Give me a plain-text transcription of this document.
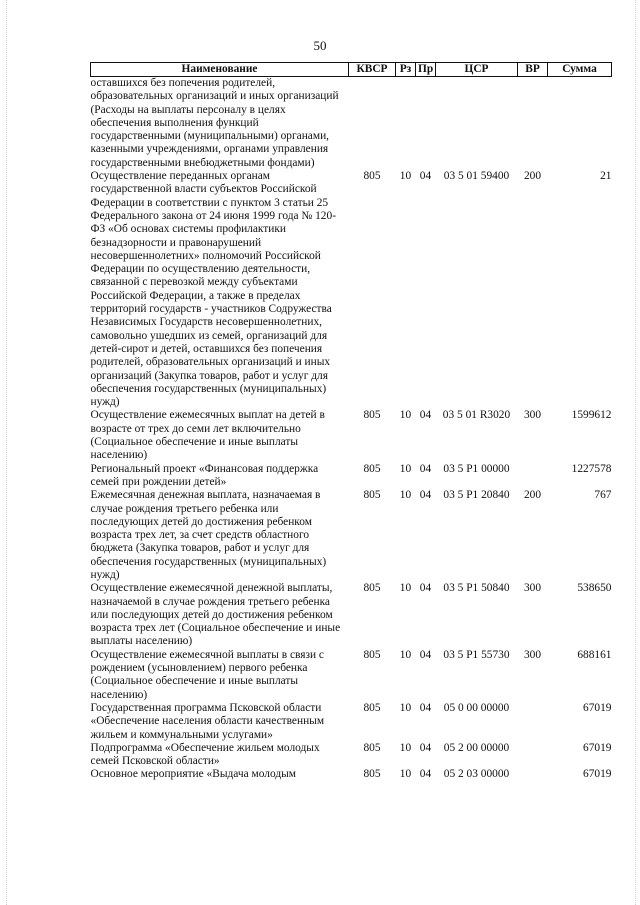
50
Наименование	КВСР	Рз	Пр	ЦСР	ВР	Сумма
оставшихся без попечения родителей, образовательных организаций и иных организаций (Расходы на выплаты персоналу в целях обеспечения выполнения функций государственными (муниципальными) органами, казенными учреждениями, органами управления государственными внебюджетными фондами)						
Осуществление переданных органам государственной власти субъектов Российской Федерации в соответствии с пунктом 3 статьи 25 Федерального закона от 24 июня 1999 года № 120-ФЗ «Об основах системы профилактики безнадзорности и правонарушений несовершеннолетних» полномочий Российской Федерации по осуществлению деятельности, связанной с перевозкой между субъектами Российской Федерации, а также в пределах территорий государств - участников Содружества Независимых Государств несовершеннолетних, самовольно ушедших из семей, организаций для детей-сирот и детей, оставшихся без попечения родителей, образовательных организаций и иных организаций (Закупка товаров, работ и услуг для обеспечения государственных (муниципальных) нужд)	805	10	04	03 5 01 59400	200	21
Осуществление ежемесячных выплат на детей в возрасте от трех до семи лет включительно (Социальное обеспечение и иные выплаты населению)	805	10	04	03 5 01 R3020	300	1599612
Региональный проект «Финансовая поддержка семей при рождении детей»	805	10	04	03 5 P1 00000		1227578
Ежемесячная денежная выплата, назначаемая в случае рождения третьего ребенка или последующих детей до достижения ребенком возраста трех лет, за счет средств областного бюджета (Закупка товаров, работ и услуг для обеспечения государственных (муниципальных) нужд)	805	10	04	03 5 P1 20840	200	767
Осуществление ежемесячной денежной выплаты, назначаемой в случае рождения третьего ребенка или последующих детей до достижения ребенком возраста трех лет (Социальное обеспечение и иные выплаты населению)	805	10	04	03 5 P1 50840	300	538650
Осуществление ежемесячной выплаты в связи с рождением (усыновлением) первого ребенка (Социальное обеспечение и иные выплаты населению)	805	10	04	03 5 P1 55730	300	688161
Государственная программа Псковской области «Обеспечение населения области качественным жильем и коммунальными услугами»	805	10	04	05 0 00 00000		67019
Подпрограмма «Обеспечение жильем молодых семей Псковской области»	805	10	04	05 2 00 00000		67019
Основное мероприятие «Выдача молодым	805	10	04	05 2 03 00000		67019
